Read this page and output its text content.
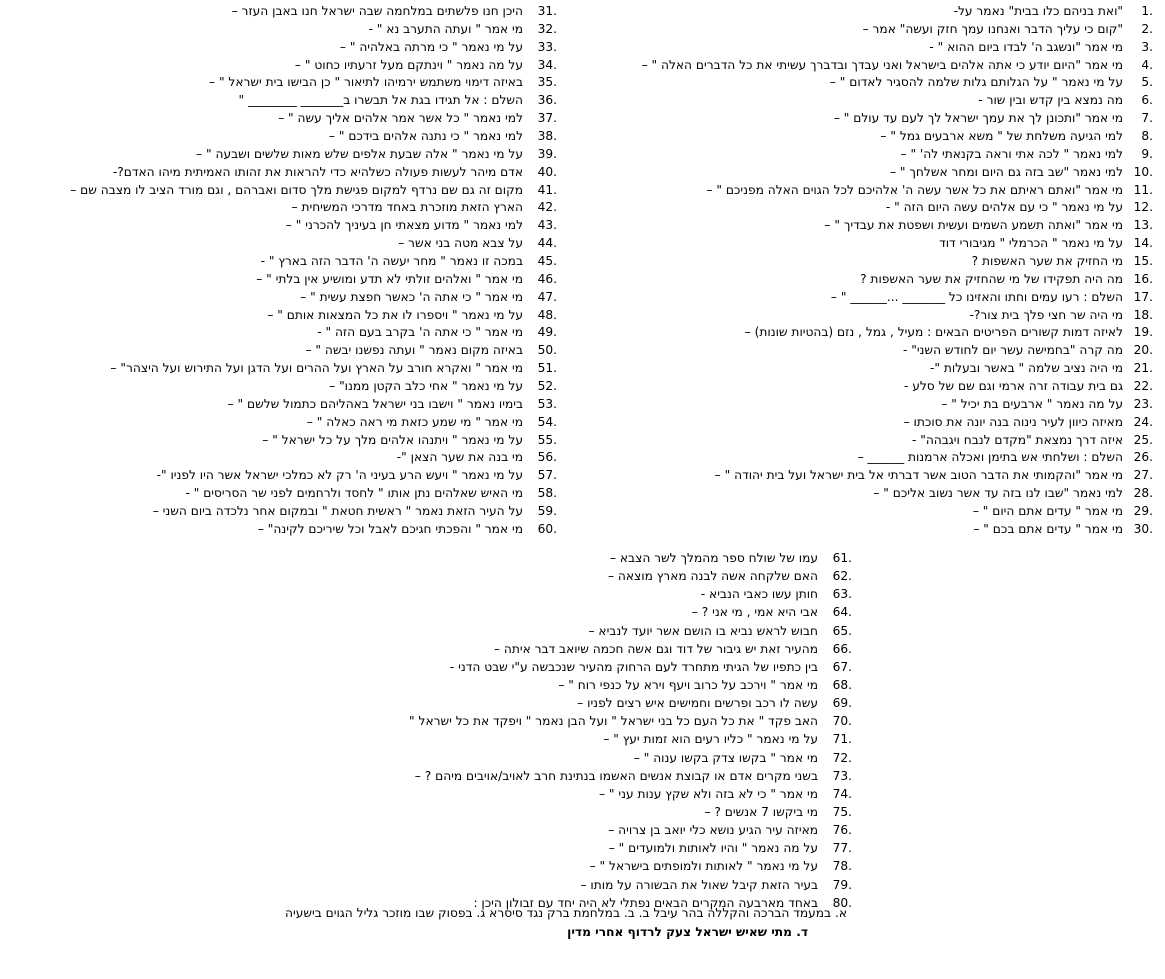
1.
"ואת בניהם כלו בבית" נאמר על-
2.
"קום כי עליך הדבר ואנחנו עמך חזק ועשה" אמר –
3.
מי אמר "ונשגב ה' לבדו ביום ההוא " -
4.
מי אמר "היום יודע כי אתה אלהים בישראל ואני עבדך ובדברך עשיתי את כל הדברים האלה " –
5.
על מי נאמר " על הגלותם גלות שלמה להסגיר לאדום " –
6.
מה נמצא בין קדש ובין שור -
7.
מי אמר "ותכונן לך את עמך ישראל לך לעם עד עולם " –
8.
למי הגיעה משלחת של " משא ארבעים גמל " –
9.
למי נאמר " לכה אתי וראה בקנאתי לה' " –
10.
למי נאמר "שב בזה גם היום ומחר אשלחך " –
11.
מי אמר "ואתם ראיתם את כל אשר עשה ה' אלהיכם לכל הגוים האלה מפניכם " –
12.
על מי נאמר " כי עם אלהים עשה היום הזה " -
13.
מי אמר "ואתה תשמע השמים ועשית ושפטת את עבדיך " –
14.
על מי נאמר " הכרמלי " מגיבורי דוד
15.
מי החזיק את שער האשפות ?
16.
מה היה תפקידו של מי שהחזיק את שער האשפות ?
17.
השלם : רעו עמים וחתו והאזינו כל _______ ...______ " –
18.
מי היה שר חצי פלך בית צור?-
19.
לאיזה דמות קשורים הפריטים הבאים : מעיל , גמל , נזם (בהטיות שונות) –
20.
מה קרה "בחמישה עשר יום לחודש השני" -
21.
מי היה נציב שלמה " באשר ובעלות "-
22.
גם בית עבודה זרה ארמי וגם שם של סלע -
23.
על מה נאמר " ארבעים בת יכיל " –
24.
מאיזה כיוון לעיר נינוה בנה יונה את סוכתו –
25.
איזה דרך נמצאת "מקדם לנבח ויגבהה" -
26.
השלם : ושלחתי אש בתימן ואכלה ארמנות ______ –
27.
מי אמר "והקמותי את הדבר הטוב אשר דברתי אל בית ישראל ועל בית יהודה " –
28.
למי נאמר "שבו לנו בזה עד אשר נשוב אליכם " –
29.
מי אמר " עדים אתם היום " –
30.
מי אמר " עדים אתם בכם " –
31.
היכן חנו פלשתים במלחמה שבה ישראל חנו באבן העזר –
32.
מי אמר " ועתה התערב נא " -
33.
על מי נאמר " כי מרתה באלהיה " –
34.
על מה נאמר " וינתקם מעל זרעתיו כחוט " –
35.
באיזה דימוי משתמש ירמיהו לתיאור " כן הבישו בית ישראל " –
36.
השלם : אל תגידו בגת אל תבשרו ב_______ ________ "
37.
למי נאמר " כל אשר אמר אלהים אליך עשה " –
38.
למי נאמר " כי נתנה אלהים בידכם " –
39.
על מי נאמר " אלה שבעת אלפים שלש מאות שלשים ושבעה " –
40.
אדם מיהר לעשות פעולה כשלהיא כדי להראות את זהותו האמיתית מיהו האדם?-
41.
מקום זה גם שם נרדף למקום פגישת מלך סדום ואברהם , וגם מורד הציב לו מצבה שם –
42.
הארץ הזאת מוזכרת באחד מדרכי המשיחית –
43.
למי נאמר " מדוע מצאתי חן בעיניך להכרני " –
44.
על צבא מטה בני אשר –
45.
במכה זו נאמר " מחר יעשה ה' הדבר הזה בארץ " -
46.
מי אמר " ואלהים זולתי לא תדע ומושיע אין בלתי " –
47.
מי אמר " כי אתה ה' כאשר חפצת עשית " –
48.
על מי נאמר " ויספרו לו את כל המצאות אותם " –
49.
מי אמר " כי אתה ה' בקרב בעם הזה " -
50.
באיזה מקום נאמר " ועתה נפשנו יבשה " –
51.
מי אמר " ואקרא חורב על הארץ ועל ההרים ועל הדגן ועל התירוש ועל היצהר" –
52.
על מי נאמר " אחי כלב הקטן ממנו" –
53.
בימיו נאמר " וישבו בני ישראל באהליהם כתמול שלשם " –
54.
מי אמר " מי שמע כזאת מי ראה כאלה " –
55.
על מי נאמר " ויתנהו אלהים מלך על כל ישראל " –
56.
מי בנה את שער הצאן "-
57.
על מי נאמר " ויעש הרע בעיני ה' רק לא כמלכי ישראל אשר היו לפניו "-
58.
מי האיש שאלהים נתן אותו " לחסד ולרחמים לפני שר הסריסים " -
59.
על העיר הזאת נאמר " ראשית חטאת " ובמקום אחר נלכדה ביום השני –
60.
מי אמר " והפכתי חגיכם לאבל וכל שיריכם לקינה" –
61.
עמו של שולח ספר מהמלך לשר הצבא –
62.
האם שלקחה אשה לבנה מארץ מוצאה –
63.
חותן עשו כאבי הנביא -
64.
אבי היא אמי , מי אני ? –
65.
חבוש לראש נביא בו הושם אשר יועד לנביא –
66.
מהעיר זאת יש גיבור של דוד וגם אשה חכמה שיואב דבר איתה –
67.
בין כתפיו של הגיתי מתחרד לעם הרחוק מהעיר שנכבשה ע"י שבט הדני -
68.
מי אמר " וירכב על כרוב ויעף וירא על כנפי רוח " –
69.
עשה לו רכב ופרשים וחמישים איש רצים לפניו –
70.
האב פקד " את כל העם כל בני ישראל " ועל הבן נאמר " ויפקד את כל ישראל "
71.
על מי נאמר " כליו רעים הוא זמות יעץ " –
72.
מי אמר " בקשו צדק בקשו ענוה " –
73.
בשני מקרים אדם או קבוצת אנשים האשמו בנתינת חרב לאויב/אויבים מיהם ? –
74.
מי אמר " כי לא בזה ולא שקץ ענות עני " –
75.
מי ביקשו 7 אנשים ? –
76.
מאיזה עיר הגיע נושא כלי יואב בן צרויה –
77.
על מה נאמר " והיו לאותות ולמועדים " –
78.
על מי נאמר " לאותות ולמופתים בישראל " –
79.
בעיר הזאת קיבל שאול את הבשורה על מותו –
80.
באחד מארבעה המקרים הבאים נפתלי לא היה יחד עם זבולון היכן :
א. במעמד הברכה והקללה בהר עיבל ב. ב. במלחמת ברק נגד סיסרא ג. בפסוק שבו מוזכר גליל הגוים בישעיה
ד. מתי שאיש ישראל צעק לרדוף אחרי מדין
